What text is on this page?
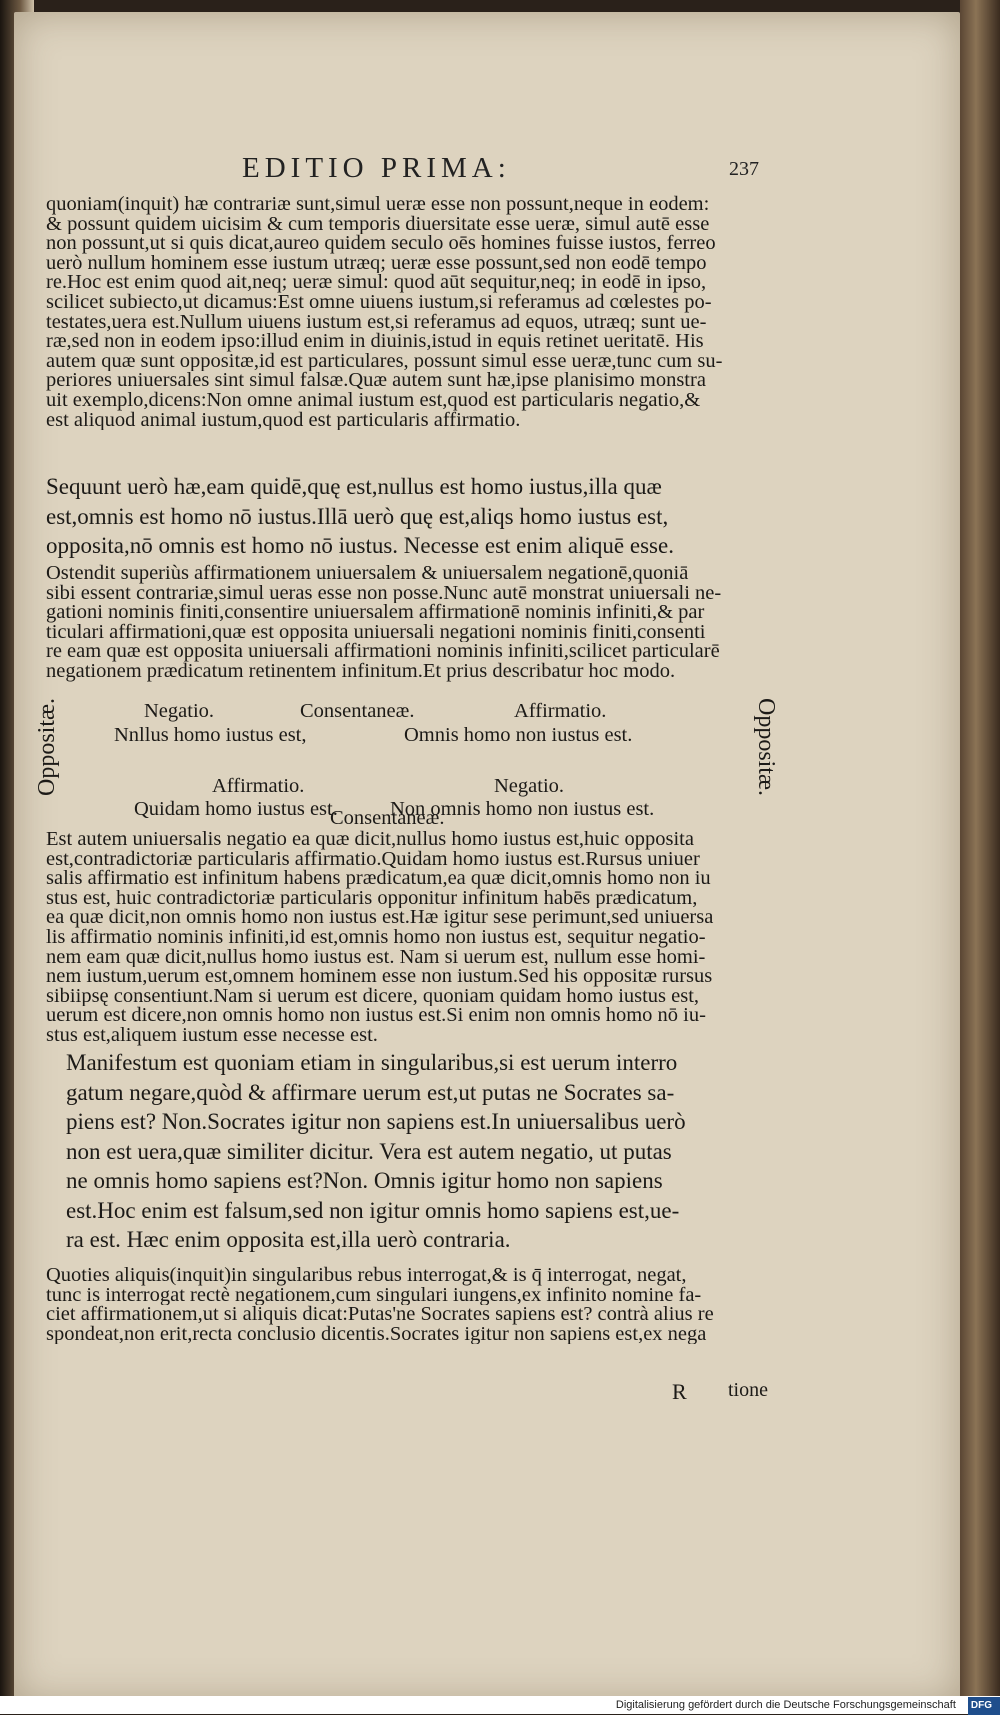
EDITIO PRIMA:	237
quoniam(inquit) hæ contrariæ sunt,simul ueræ esse non possunt,neque in eodem:
& possunt quidem uicisim & cum temporis diuersitate esse ueræ, simul autē esse
non possunt,ut si quis dicat,aureo quidem seculo oēs homines fuisse iustos, ferreo
uerò nullum hominem esse iustum utræq; ueræ esse possunt,sed non eodē tempo
re.Hoc est enim quod ait,neq; ueræ simul: quod aūt sequitur,neq; in eodē in ipso,
scilicet subiecto,ut dicamus:Est omne uiuens iustum,si referamus ad cœlestes po-
testates,uera est.Nullum uiuens iustum est,si referamus ad equos, utræq; sunt ue-
ræ,sed non in eodem ipso:illud enim in diuinis,istud in equis retinet ueritatē. His
autem quæ sunt oppositæ,id est particulares, possunt simul esse ueræ,tunc cum su-
periores uniuersales sint simul falsæ.Quæ autem sunt hæ,ipse planisimo monstra
uit exemplo,dicens:Non omne animal iustum est,quod est particularis negatio,&
est aliquod animal iustum,quod est particularis affirmatio.
Sequunt uerò hæ,eam quidē,quę est,nullus est homo iustus,illa quæ
est,omnis est homo nō iustus.Illā uerò quę est,aliqs homo iustus est,
opposita,nō omnis est homo nō iustus. Necesse est enim aliquē esse.
Ostendit superiùs affirmationem uniuersalem & uniuersalem negationē,quoniā
sibi essent contrariæ,simul ueras esse non posse.Nunc autē monstrat uniuersali ne-
gationi nominis finiti,consentire uniuersalem affirmationē nominis infiniti,& par
ticulari affirmationi,quæ est opposita uniuersali negationi nominis finiti,consenti
re eam quæ est opposita uniuersali affirmationi nominis infiniti,scilicet particularē
negationem prædicatum retinentem infinitum.Et prius describatur hoc modo.
Oppositæ.	Oppositæ.
Negatio.	Consentaneæ.	Affirmatio.
Nnllus homo iustus est,	Omnis homo non iustus est.
Affirmatio.	Negatio.
Quidam homo iustus est.	Non omnis homo non iustus est.
Consentaneæ.
Est autem uniuersalis negatio ea quæ dicit,nullus homo iustus est,huic opposita
est,contradictoriæ particularis affirmatio.Quidam homo iustus est.Rursus uniuer
salis affirmatio est infinitum habens prædicatum,ea quæ dicit,omnis homo non iu
stus est, huic contradictoriæ particularis opponitur infinitum habēs prædicatum,
ea quæ dicit,non omnis homo non iustus est.Hæ igitur sese perimunt,sed uniuersa
lis affirmatio nominis infiniti,id est,omnis homo non iustus est, sequitur negatio-
nem eam quæ dicit,nullus homo iustus est. Nam si uerum est, nullum esse homi-
nem iustum,uerum est,omnem hominem esse non iustum.Sed his oppositæ rursus
sibiipsę consentiunt.Nam si uerum est dicere, quoniam quidam homo iustus est,
uerum est dicere,non omnis homo non iustus est.Si enim non omnis homo nō iu-
stus est,aliquem iustum esse necesse est.
Manifestum est quoniam etiam in singularibus,si est uerum interro
gatum negare,quòd & affirmare uerum est,ut putas ne Socrates sa-
piens est? Non.Socrates igitur non sapiens est.In uniuersalibus uerò
non est uera,quæ similiter dicitur. Vera est autem negatio, ut putas
ne omnis homo sapiens est?Non. Omnis igitur homo non sapiens
est.Hoc enim est falsum,sed non igitur omnis homo sapiens est,ue-
ra est. Hæc enim opposita est,illa uerò contraria.
Quoties aliquis(inquit)in singularibus rebus interrogat,& is q̄ interrogat, negat,
tunc is interrogat rectè negationem,cum singulari iungens,ex infinito nomine fa-
ciet affirmationem,ut si aliquis dicat:Putas'ne Socrates sapiens est? contrà alius re
spondeat,non erit,recta conclusio dicentis.Socrates igitur non sapiens est,ex nega
R tione
Digitalisierung gefördert durch die Deutsche Forschungsgemeinschaft DFG
